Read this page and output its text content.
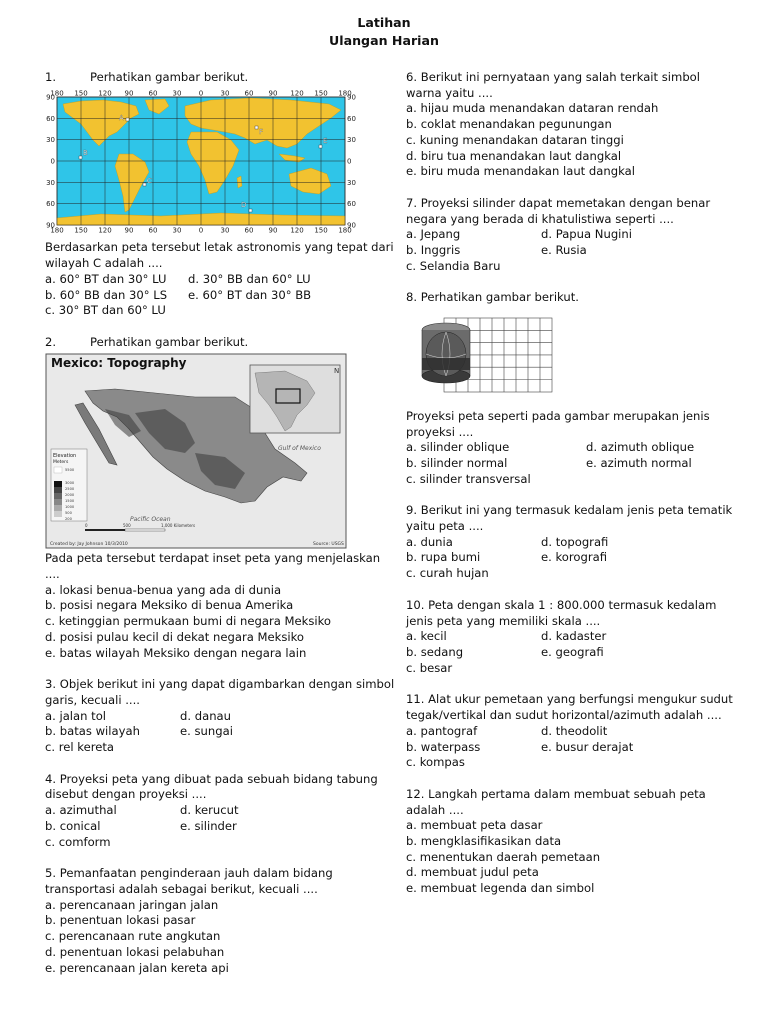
Latihan
Ulangan Harian
1.	Perhatikan gambar berikut.
180 150 120 90 60 30 0 30 60 90 120 150 180
180 150 120 90 60 30 0 30 60 90 120 150 180
90
60
30
0
30
60
90
90
60
30
0
30
60
90
A
B
C
D
E
F
Berdasarkan peta tersebut letak astronomis yang tepat dari wilayah C adalah ....
a. 60° BT dan 30° LU	d. 30° BB dan 60° LU
b. 60° BB dan 30° LS	e. 60° BT dan 30° BB
c. 30° BT dan 60° LU
2.	Perhatikan gambar berikut.
Mexico: Topography
N
Gulf of Mexico
Pacific Ocean
Elevation
Meters
5500
3000
2500
2000
1500
1000
500
200
0	500	1,000 Kilometers
Created by: Jay Johnson 10/3/2010	Source: USGS
Pada peta tersebut terdapat inset peta yang menjelaskan ....
a. lokasi benua-benua yang ada di dunia
b. posisi negara Meksiko di benua Amerika
c. ketinggian permukaan bumi di negara Meksiko
d. posisi pulau kecil di dekat negara Meksiko
e. batas wilayah Meksiko dengan negara lain
3. Objek berikut ini yang dapat digambarkan dengan simbol garis, kecuali ....
a. jalan tol	d. danau
b. batas wilayah	e. sungai
c. rel kereta
4. Proyeksi peta yang dibuat pada sebuah bidang tabung disebut dengan proyeksi ....
a. azimuthal	d. kerucut
b. conical	e. silinder
c. comform
5. Pemanfaatan penginderaan jauh dalam bidang transportasi adalah sebagai berikut, kecuali ....
a. perencanaan jaringan jalan
b. penentuan lokasi pasar
c. perencanaan rute angkutan
d. penentuan lokasi pelabuhan
e. perencanaan jalan kereta api
6. Berikut ini pernyataan yang salah terkait simbol warna yaitu ....
a. hijau muda menandakan dataran rendah
b. coklat menandakan pegunungan
c. kuning menandakan dataran tinggi
d. biru tua menandakan laut dangkal
e. biru muda menandakan laut dangkal
7. Proyeksi silinder dapat memetakan dengan benar negara yang berada di khatulistiwa seperti ....
a. Jepang	d. Papua Nugini
b. Inggris	e. Rusia
c. Selandia Baru
8. Perhatikan gambar berikut.
Proyeksi peta seperti pada gambar merupakan jenis proyeksi ....
a. silinder oblique	d. azimuth oblique
b. silinder normal	e. azimuth normal
c. silinder transversal
9. Berikut ini yang termasuk kedalam jenis peta tematik yaitu peta ....
a. dunia	d. topografi
b. rupa bumi	e. korografi
c. curah hujan
10. Peta dengan skala 1 : 800.000 termasuk kedalam jenis peta yang memiliki skala ....
a. kecil	d. kadaster
b. sedang	e. geografi
c. besar
11. Alat ukur pemetaan yang berfungsi mengukur sudut tegak/vertikal dan sudut horizontal/azimuth adalah ....
a. pantograf	d. theodolit
b. waterpass	e. busur derajat
c. kompas
12. Langkah pertama dalam membuat sebuah peta adalah ....
a. membuat peta dasar
b. mengklasifikasikan data
c. menentukan daerah pemetaan
d. membuat judul peta
e. membuat legenda dan simbol
